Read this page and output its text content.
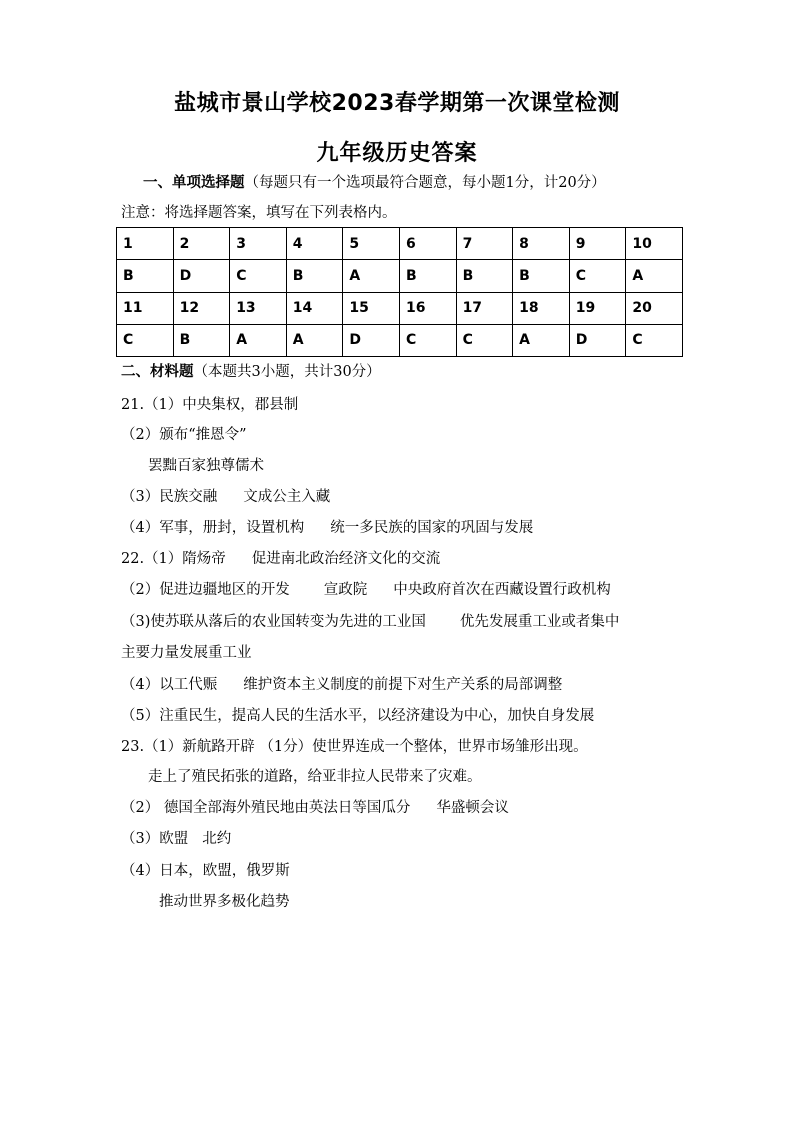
盐城市景山学校2023春学期第一次课堂检测
九年级历史答案
一、单项选择题（每题只有一个选项最符合题意，每小题1分，计20分）
注意：将选择题答案，填写在下列表格内。
1	2	3	4	5	6	7	8	9	10
B	D	C	B	A	B	B	B	C	A
11	12	13	14	15	16	17	18	19	20
C	B	A	A	D	C	C	A	D	C
二、材料题（本题共3小题，共计30分）
21.（1）中央集权，郡县制
（2）颁布“推恩令”
罢黜百家独尊儒术
（3）民族交融 文成公主入藏
（4）军事，册封，设置机构 统一多民族的国家的巩固与发展
22.（1）隋炀帝 促进南北政治经济文化的交流
（2）促进边疆地区的开发 宣政院 中央政府首次在西藏设置行政机构
（3)使苏联从落后的农业国转变为先进的工业国 优先发展重工业或者集中
主要力量发展重工业
（4）以工代赈 维护资本主义制度的前提下对生产关系的局部调整
（5）注重民生，提高人民的生活水平，以经济建设为中心，加快自身发展
23.（1）新航路开辟 （1分）使世界连成一个整体，世界市场雏形出现。
走上了殖民拓张的道路，给亚非拉人民带来了灾难。
（2） 德国全部海外殖民地由英法日等国瓜分 华盛顿会议
（3）欧盟 北约
（4）日本，欧盟，俄罗斯
推动世界多极化趋势
